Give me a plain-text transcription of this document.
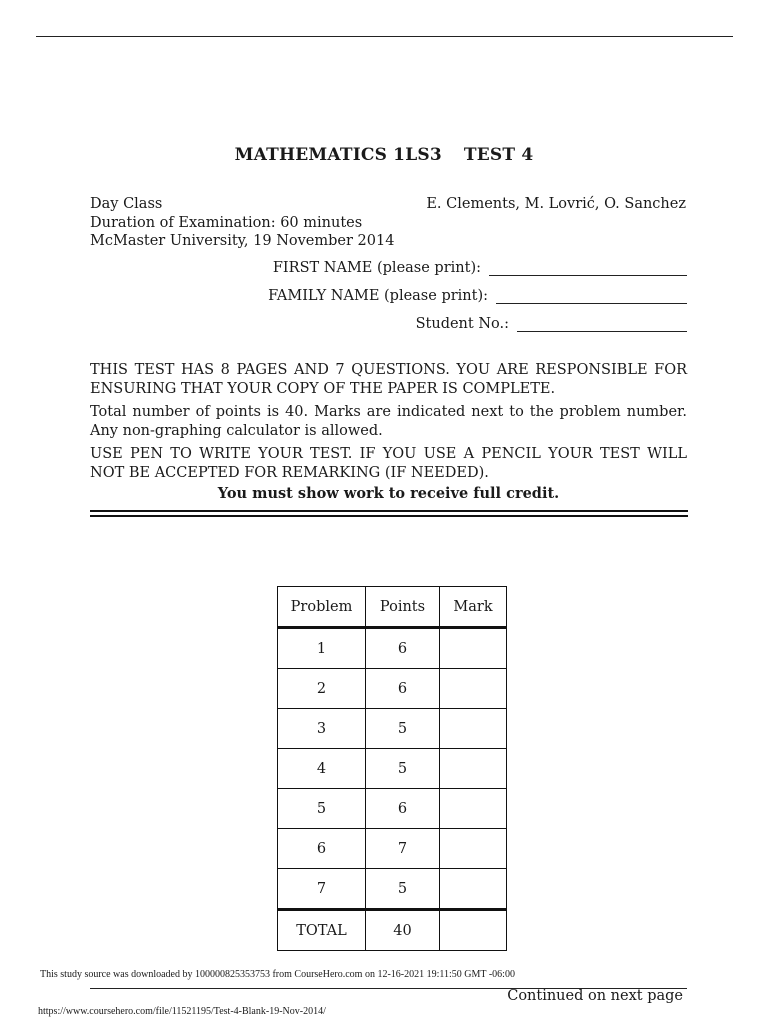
MATHEMATICS 1LS3 TEST 4
Day Class
Duration of Examination: 60 minutes
McMaster University, 19 November 2014
E. Clements, M. Lovrić, O. Sanchez
FIRST NAME (please print):
FAMILY NAME (please print):
Student No.:
THIS TEST HAS 8 PAGES AND 7 QUESTIONS. YOU ARE RESPONSIBLE FOR ENSURING THAT YOUR COPY OF THE PAPER IS COMPLETE.
Total number of points is 40. Marks are indicated next to the problem number. Any non-graphing calculator is allowed.
USE PEN TO WRITE YOUR TEST. IF YOU USE A PENCIL YOUR TEST WILL NOT BE ACCEPTED FOR REMARKING (IF NEEDED).
You must show work to receive full credit.
Problem	Points	Mark
1	6	
2	6	
3	5	
4	5	
5	6	
6	7	
7	5	
TOTAL	40	
This study source was downloaded by 100000825353753 from CourseHero.com on 12-16-2021 19:11:50 GMT -06:00
Continued on next page
https://www.coursehero.com/file/11521195/Test-4-Blank-19-Nov-2014/
